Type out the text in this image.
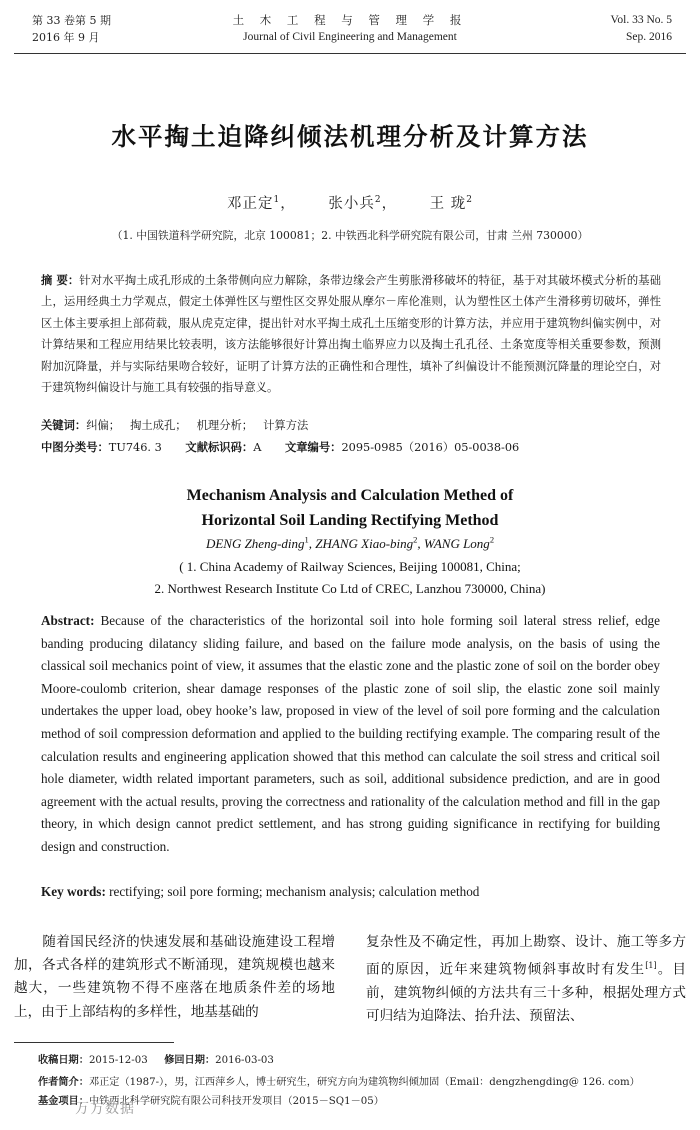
第 33 卷第 5 期
2016 年 9 月
土 木 工 程 与 管 理 学 报
Journal of Civil Engineering and Management
Vol. 33 No. 5
Sep. 2016
水平掏土迫降纠倾法机理分析及计算方法
邓正定$^1$， 张小兵$^2$， 王 珑$^2$
（1. 中国铁道科学研究院，北京 100081；2. 中铁西北科学研究院有限公司，甘肃 兰州 730000）
摘 要：针对水平掏土成孔形成的土条带侧向应力解除，条带边缘会产生剪胀滑移破坏的特征，基于对其破坏模式分析的基础上，运用经典土力学观点，假定土体弹性区与塑性区交界处服从摩尔－库伦准则，认为塑性区土体产生滑移剪切破坏，弹性区土体主要承担上部荷载，服从虎克定律，提出针对水平掏土成孔土压缩变形的计算方法，并应用于建筑物纠偏实例中，对计算结果和工程应用结果比较表明，该方法能够很好计算出掏土临界应力以及掏土孔孔径、土条宽度等相关重要参数，预测附加沉降量，并与实际结果吻合较好，证明了计算方法的正确性和合理性，填补了纠偏设计不能预测沉降量的理论空白，对于建筑物纠偏设计与施工具有较强的指导意义。
关键词：纠偏； 掏土成孔； 机理分析； 计算方法
中图分类号：TU746. 3 文献标识码：A 文章编号：2095-0985（2016）05-0038-06
Mechanism Analysis and Calculation Methed of
Horizontal Soil Landing Rectifying Method
DENG Zheng-ding$^1$, ZHANG Xiao-bing$^2$, WANG Long$^2$
( 1. China Academy of Railway Sciences, Beijing 100081, China;
2. Northwest Research Institute Co Ltd of CREC, Lanzhou 730000, China)
Abstract: Because of the characteristics of the horizontal soil into hole forming soil lateral stress relief, edge banding producing dilatancy sliding failure, and based on the failure mode analysis, on the basis of using the classical soil mechanics point of view, it assumes that the elastic zone and the plastic zone of soil on the border obey Moore-coulomb criterion, shear damage responses of the plastic zone of soil slip, the elastic zone soil mainly undertakes the upper load, obey hooke’s law, proposed in view of the level of soil pore forming and the calculation method of soil compression deformation and applied to the building rectifying example. The comparing result of the calculation results and engineering application showed that this method can calculate the soil stress and critical soil hole diameter, width related important parameters, such as soil, additional subsidence prediction, and are in good agreement with the actual results, proving the correctness and rationality of the calculation method and fill in the gap theory, in which design cannot predict settlement, and has strong guiding significance in rectifying for building design and construction.
Key words: rectifying; soil pore forming; mechanism analysis; calculation method
随着国民经济的快速发展和基础设施建设工程增加，各式各样的建筑形式不断涌现，建筑规模也越来越大，一些建筑物不得不座落在地质条件差的场地上，由于上部结构的多样性，地基基础的
复杂性及不确定性，再加上勘察、设计、施工等多方面的原因，近年来建筑物倾斜事故时有发生[1]。目前，建筑物纠倾的方法共有三十多种，根据处理方式可归结为迫降法、抬升法、预留法、
收稿日期：2015-12-03 修回日期：2016-03-03
作者简介：邓正定（1987-），男，江西萍乡人，博士研究生，研究方向为建筑物纠倾加固（Email：dengzhengding@ 126. com）
基金项目：中铁西北科学研究院有限公司科技开发项目（2015－SQ1－05）
万方数据
